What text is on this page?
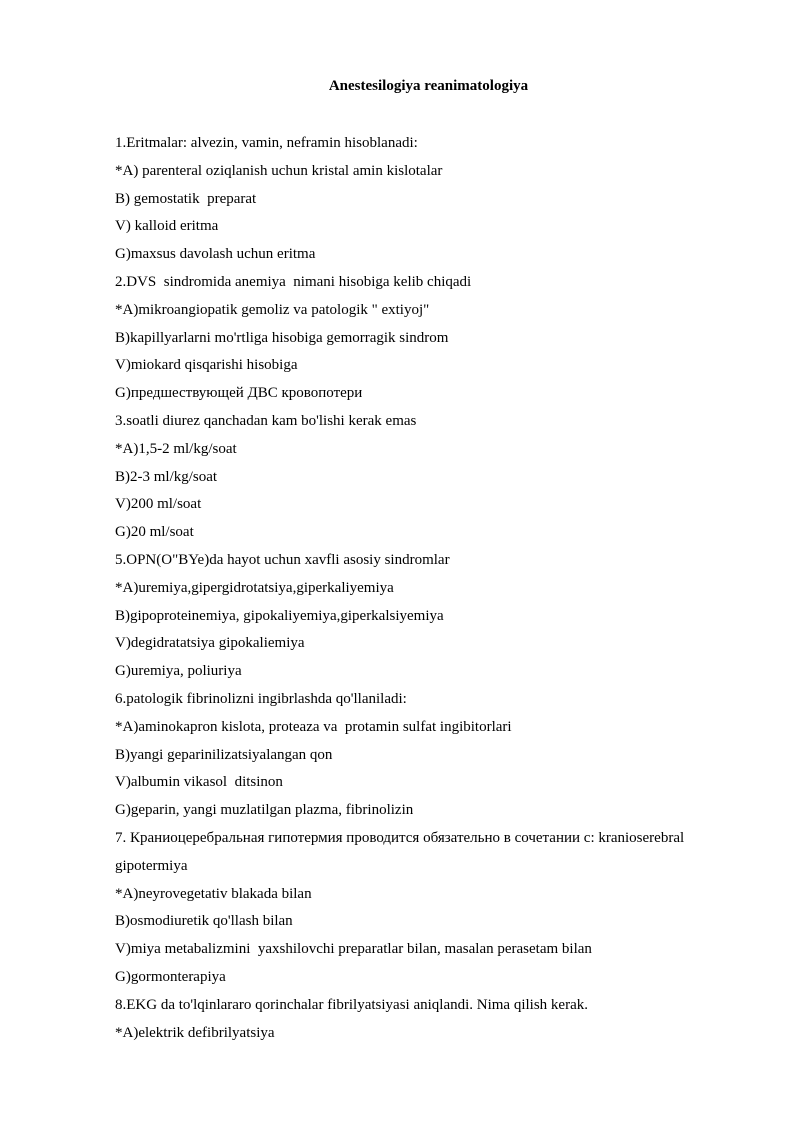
Anestesilogiya reanimatologiya
1.Eritmalar: alvezin, vamin, neframin hisoblanadi:
*A) parenteral oziqlanish uchun kristal amin kislotalar
B) gemostatik  preparat
V) kalloid eritma
G)maxsus davolash uchun eritma
2.DVS  sindromida anemiya  nimani hisobiga kelib chiqadi
*A)mikroangiopatik gemoliz va patologik " extiyoj"
B)kapillyarlarni mo'rtliga hisobiga gemorragik sindrom
V)miokard qisqarishi hisobiga
G)предшествующей ДВС кровопотери
3.soatli diurez qanchadan kam bo'lishi kerak emas
*A)1,5-2 ml/kg/soat
B)2-3 ml/kg/soat
V)200 ml/soat
G)20 ml/soat
5.OPN(O"BYe)da hayot uchun xavfli asosiy sindromlar
*A)uremiya,gipergidrotatsiya,giperkaliyemiya
B)gipoproteinemiya, gipokaliyemiya,giperkalsiyemiya
V)degidratatsiya gipokaliemiya
G)uremiya, poliuriya
6.patologik fibrinolizni ingibrlashda qo'llaniladi:
*A)aminokapron kislota, proteaza va  protamin sulfat ingibitorlari
B)yangi geparinilizatsiyalangan qon
V)albumin vikasol  ditsinon
G)geparin, yangi muzlatilgan plazma, fibrinolizin
7. Краниоцеребральная гипотермия проводится обязательно в сочетании с: kranioserebral
gipotermiya
*A)neyrovegetativ blakada bilan
B)osmodiuretik qo'llash bilan
V)miya metabalizmini  yaxshilovchi preparatlar bilan, masalan perasetam bilan
G)gormonterapiya
8.EKG da to'lqinlararo qorinchalar fibrilyatsiyasi aniqlandi. Nima qilish kerak.
*A)elektrik defibrilyatsiya
